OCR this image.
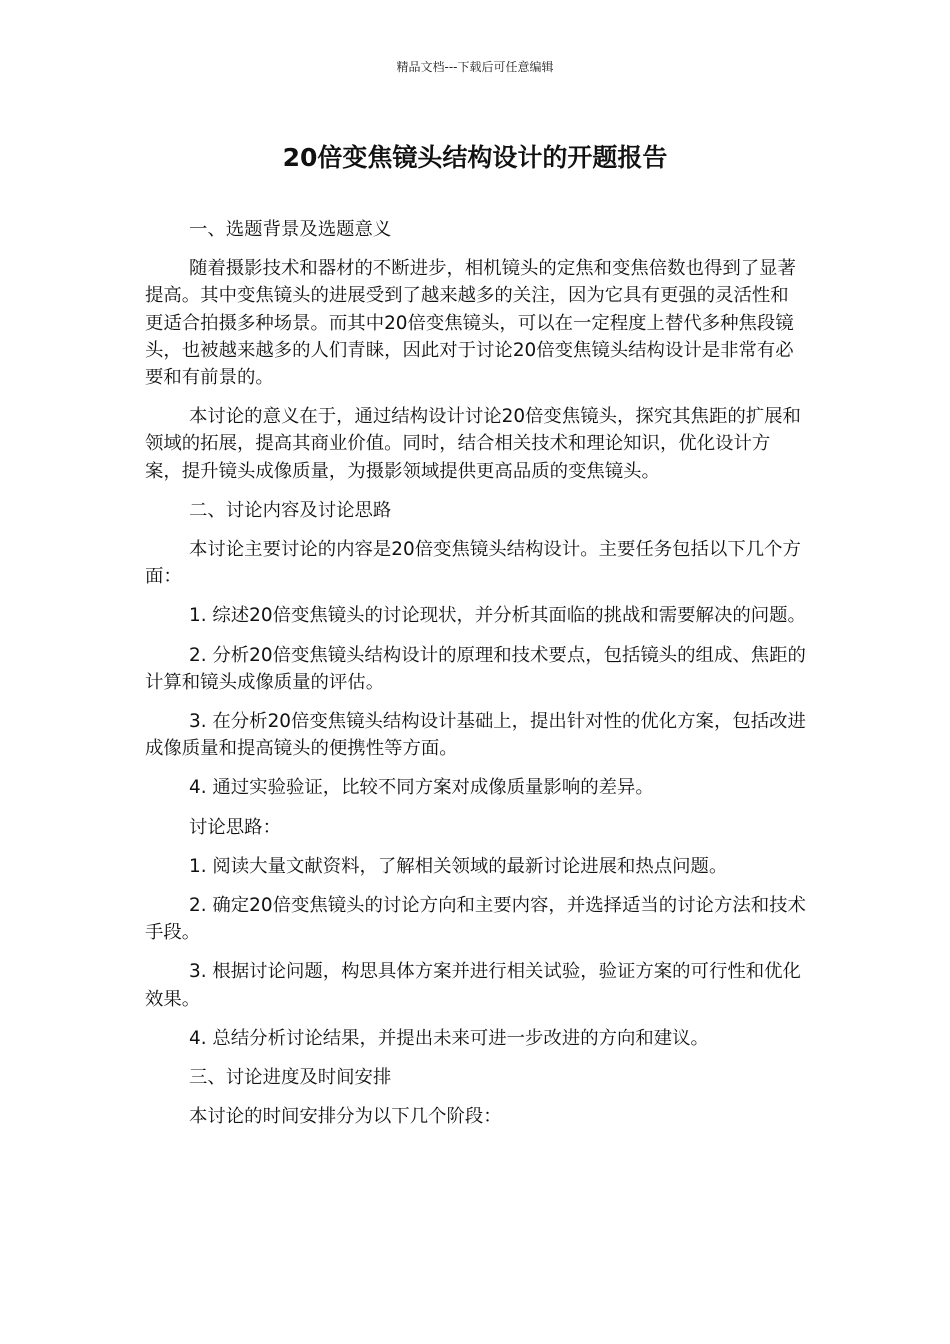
精品文档---下载后可任意编辑
20倍变焦镜头结构设计的开题报告

一、选题背景及选题意义

随着摄影技术和器材的不断进步，相机镜头的定焦和变焦倍数也得到了显著提高。其中变焦镜头的进展受到了越来越多的关注，因为它具有更强的灵活性和更适合拍摄多种场景。而其中20倍变焦镜头，可以在一定程度上替代多种焦段镜头，也被越来越多的人们青睐，因此对于讨论20倍变焦镜头结构设计是非常有必要和有前景的。

本讨论的意义在于，通过结构设计讨论20倍变焦镜头，探究其焦距的扩展和领域的拓展，提高其商业价值。同时，结合相关技术和理论知识，优化设计方案，提升镜头成像质量，为摄影领域提供更高品质的变焦镜头。

二、讨论内容及讨论思路

本讨论主要讨论的内容是20倍变焦镜头结构设计。主要任务包括以下几个方面：

1. 综述20倍变焦镜头的讨论现状，并分析其面临的挑战和需要解决的问题。

2. 分析20倍变焦镜头结构设计的原理和技术要点，包括镜头的组成、焦距的计算和镜头成像质量的评估。

3. 在分析20倍变焦镜头结构设计基础上，提出针对性的优化方案，包括改进成像质量和提高镜头的便携性等方面。

4. 通过实验验证，比较不同方案对成像质量影响的差异。

讨论思路：

1. 阅读大量文献资料，了解相关领域的最新讨论进展和热点问题。

2. 确定20倍变焦镜头的讨论方向和主要内容，并选择适当的讨论方法和技术手段。

3. 根据讨论问题，构思具体方案并进行相关试验，验证方案的可行性和优化效果。

4. 总结分析讨论结果，并提出未来可进一步改进的方向和建议。

三、讨论进度及时间安排

本讨论的时间安排分为以下几个阶段：
